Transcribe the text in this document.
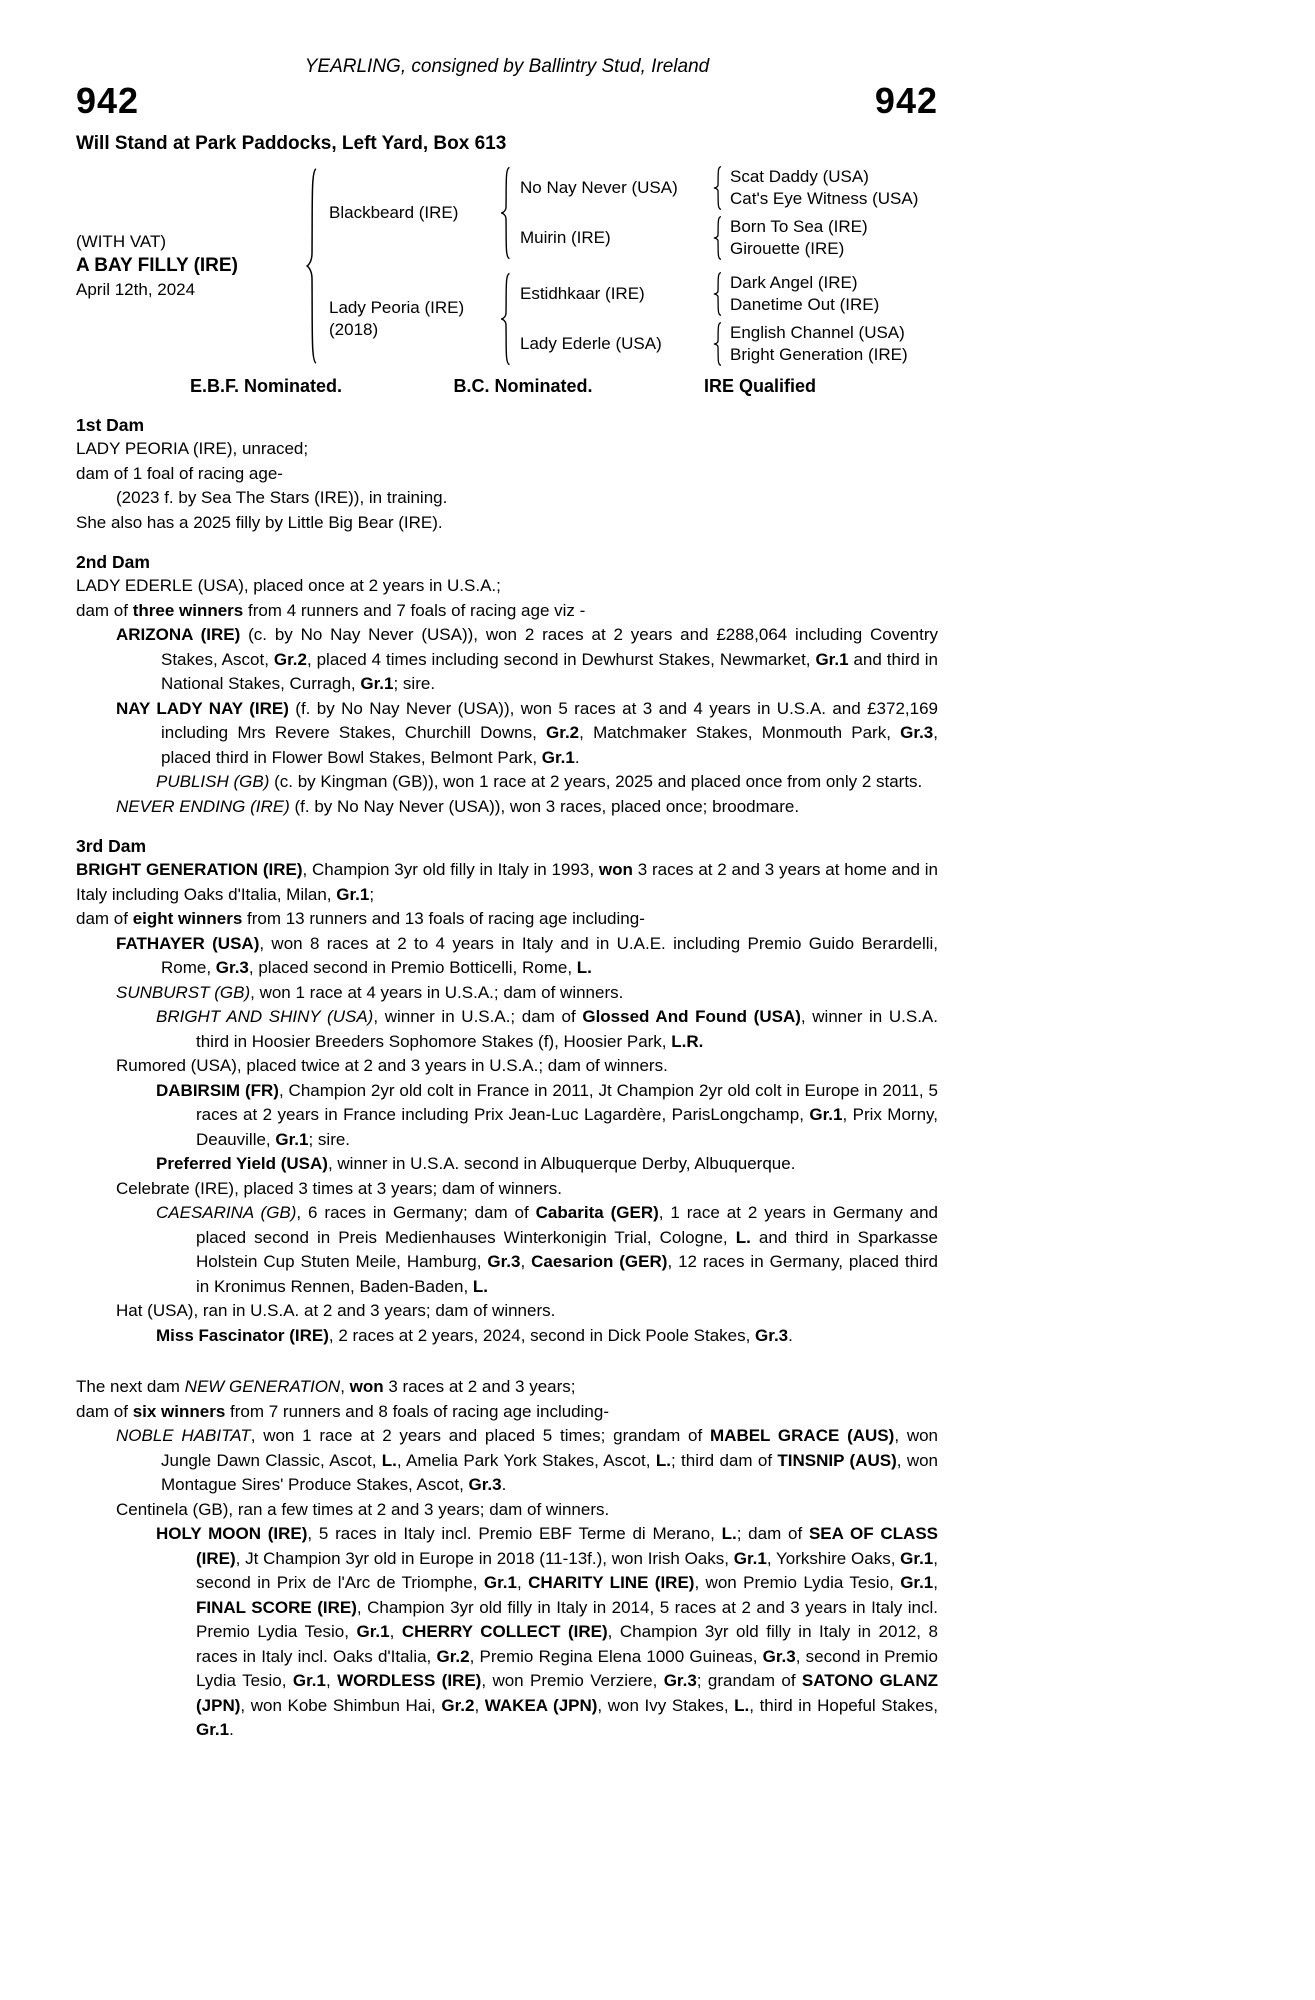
YEARLING, consigned by Ballintry Stud, Ireland
942	942
Will Stand at Park Paddocks, Left Yard, Box 613
(WITH VAT)
A BAY FILLY (IRE)
April 12th, 2024
Blackbeard (IRE)
No Nay Never (USA)
Scat Daddy (USA)
Cat's Eye Witness (USA)
Muirin (IRE)
Born To Sea (IRE)
Girouette (IRE)
Lady Peoria (IRE)
(2018)
Estidhkaar (IRE)
Dark Angel (IRE)
Danetime Out (IRE)
Lady Ederle (USA)
English Channel (USA)
Bright Generation (IRE)
E.B.F. Nominated.	B.C. Nominated.	IRE Qualified
1st Dam

LADY PEORIA (IRE), unraced;

dam of 1 foal of racing age-

(2023 f. by Sea The Stars (IRE)), in training.

She also has a 2025 filly by Little Big Bear (IRE).

2nd Dam

LADY EDERLE (USA), placed once at 2 years in U.S.A.;

dam of three winners from 4 runners and 7 foals of racing age viz -

ARIZONA (IRE) (c. by No Nay Never (USA)), won 2 races at 2 years and £288,064 including Coventry Stakes, Ascot, Gr.2, placed 4 times including second in Dewhurst Stakes, Newmarket, Gr.1 and third in National Stakes, Curragh, Gr.1; sire.

NAY LADY NAY (IRE) (f. by No Nay Never (USA)), won 5 races at 3 and 4 years in U.S.A. and £372,169 including Mrs Revere Stakes, Churchill Downs, Gr.2, Matchmaker Stakes, Monmouth Park, Gr.3, placed third in Flower Bowl Stakes, Belmont Park, Gr.1.

PUBLISH (GB) (c. by Kingman (GB)), won 1 race at 2 years, 2025 and placed once from only 2 starts.

NEVER ENDING (IRE) (f. by No Nay Never (USA)), won 3 races, placed once; broodmare.

3rd Dam

BRIGHT GENERATION (IRE), Champion 3yr old filly in Italy in 1993, won 3 races at 2 and 3 years at home and in Italy including Oaks d'Italia, Milan, Gr.1;

dam of eight winners from 13 runners and 13 foals of racing age including-

FATHAYER (USA), won 8 races at 2 to 4 years in Italy and in U.A.E. including Premio Guido Berardelli, Rome, Gr.3, placed second in Premio Botticelli, Rome, L.

SUNBURST (GB), won 1 race at 4 years in U.S.A.; dam of winners.

BRIGHT AND SHINY (USA), winner in U.S.A.; dam of Glossed And Found (USA), winner in U.S.A. third in Hoosier Breeders Sophomore Stakes (f), Hoosier Park, L.R.

Rumored (USA), placed twice at 2 and 3 years in U.S.A.; dam of winners.

DABIRSIM (FR), Champion 2yr old colt in France in 2011, Jt Champion 2yr old colt in Europe in 2011, 5 races at 2 years in France including Prix Jean-Luc Lagardère, ParisLongchamp, Gr.1, Prix Morny, Deauville, Gr.1; sire.

Preferred Yield (USA), winner in U.S.A. second in Albuquerque Derby, Albuquerque.

Celebrate (IRE), placed 3 times at 3 years; dam of winners.

CAESARINA (GB), 6 races in Germany; dam of Cabarita (GER), 1 race at 2 years in Germany and placed second in Preis Medienhauses Winterkonigin Trial, Cologne, L. and third in Sparkasse Holstein Cup Stuten Meile, Hamburg, Gr.3, Caesarion (GER), 12 races in Germany, placed third in Kronimus Rennen, Baden-Baden, L.

Hat (USA), ran in U.S.A. at 2 and 3 years; dam of winners.

Miss Fascinator (IRE), 2 races at 2 years, 2024, second in Dick Poole Stakes, Gr.3.

The next dam NEW GENERATION, won 3 races at 2 and 3 years;

dam of six winners from 7 runners and 8 foals of racing age including-

NOBLE HABITAT, won 1 race at 2 years and placed 5 times; grandam of MABEL GRACE (AUS), won Jungle Dawn Classic, Ascot, L., Amelia Park York Stakes, Ascot, L.; third dam of TINSNIP (AUS), won Montague Sires' Produce Stakes, Ascot, Gr.3.

Centinela (GB), ran a few times at 2 and 3 years; dam of winners.

HOLY MOON (IRE), 5 races in Italy incl. Premio EBF Terme di Merano, L.; dam of SEA OF CLASS (IRE), Jt Champion 3yr old in Europe in 2018 (11-13f.), won Irish Oaks, Gr.1, Yorkshire Oaks, Gr.1, second in Prix de l'Arc de Triomphe, Gr.1, CHARITY LINE (IRE), won Premio Lydia Tesio, Gr.1, FINAL SCORE (IRE), Champion 3yr old filly in Italy in 2014, 5 races at 2 and 3 years in Italy incl. Premio Lydia Tesio, Gr.1, CHERRY COLLECT (IRE), Champion 3yr old filly in Italy in 2012, 8 races in Italy incl. Oaks d'Italia, Gr.2, Premio Regina Elena 1000 Guineas, Gr.3, second in Premio Lydia Tesio, Gr.1, WORDLESS (IRE), won Premio Verziere, Gr.3; grandam of SATONO GLANZ (JPN), won Kobe Shimbun Hai, Gr.2, WAKEA (JPN), won Ivy Stakes, L., third in Hopeful Stakes, Gr.1.
